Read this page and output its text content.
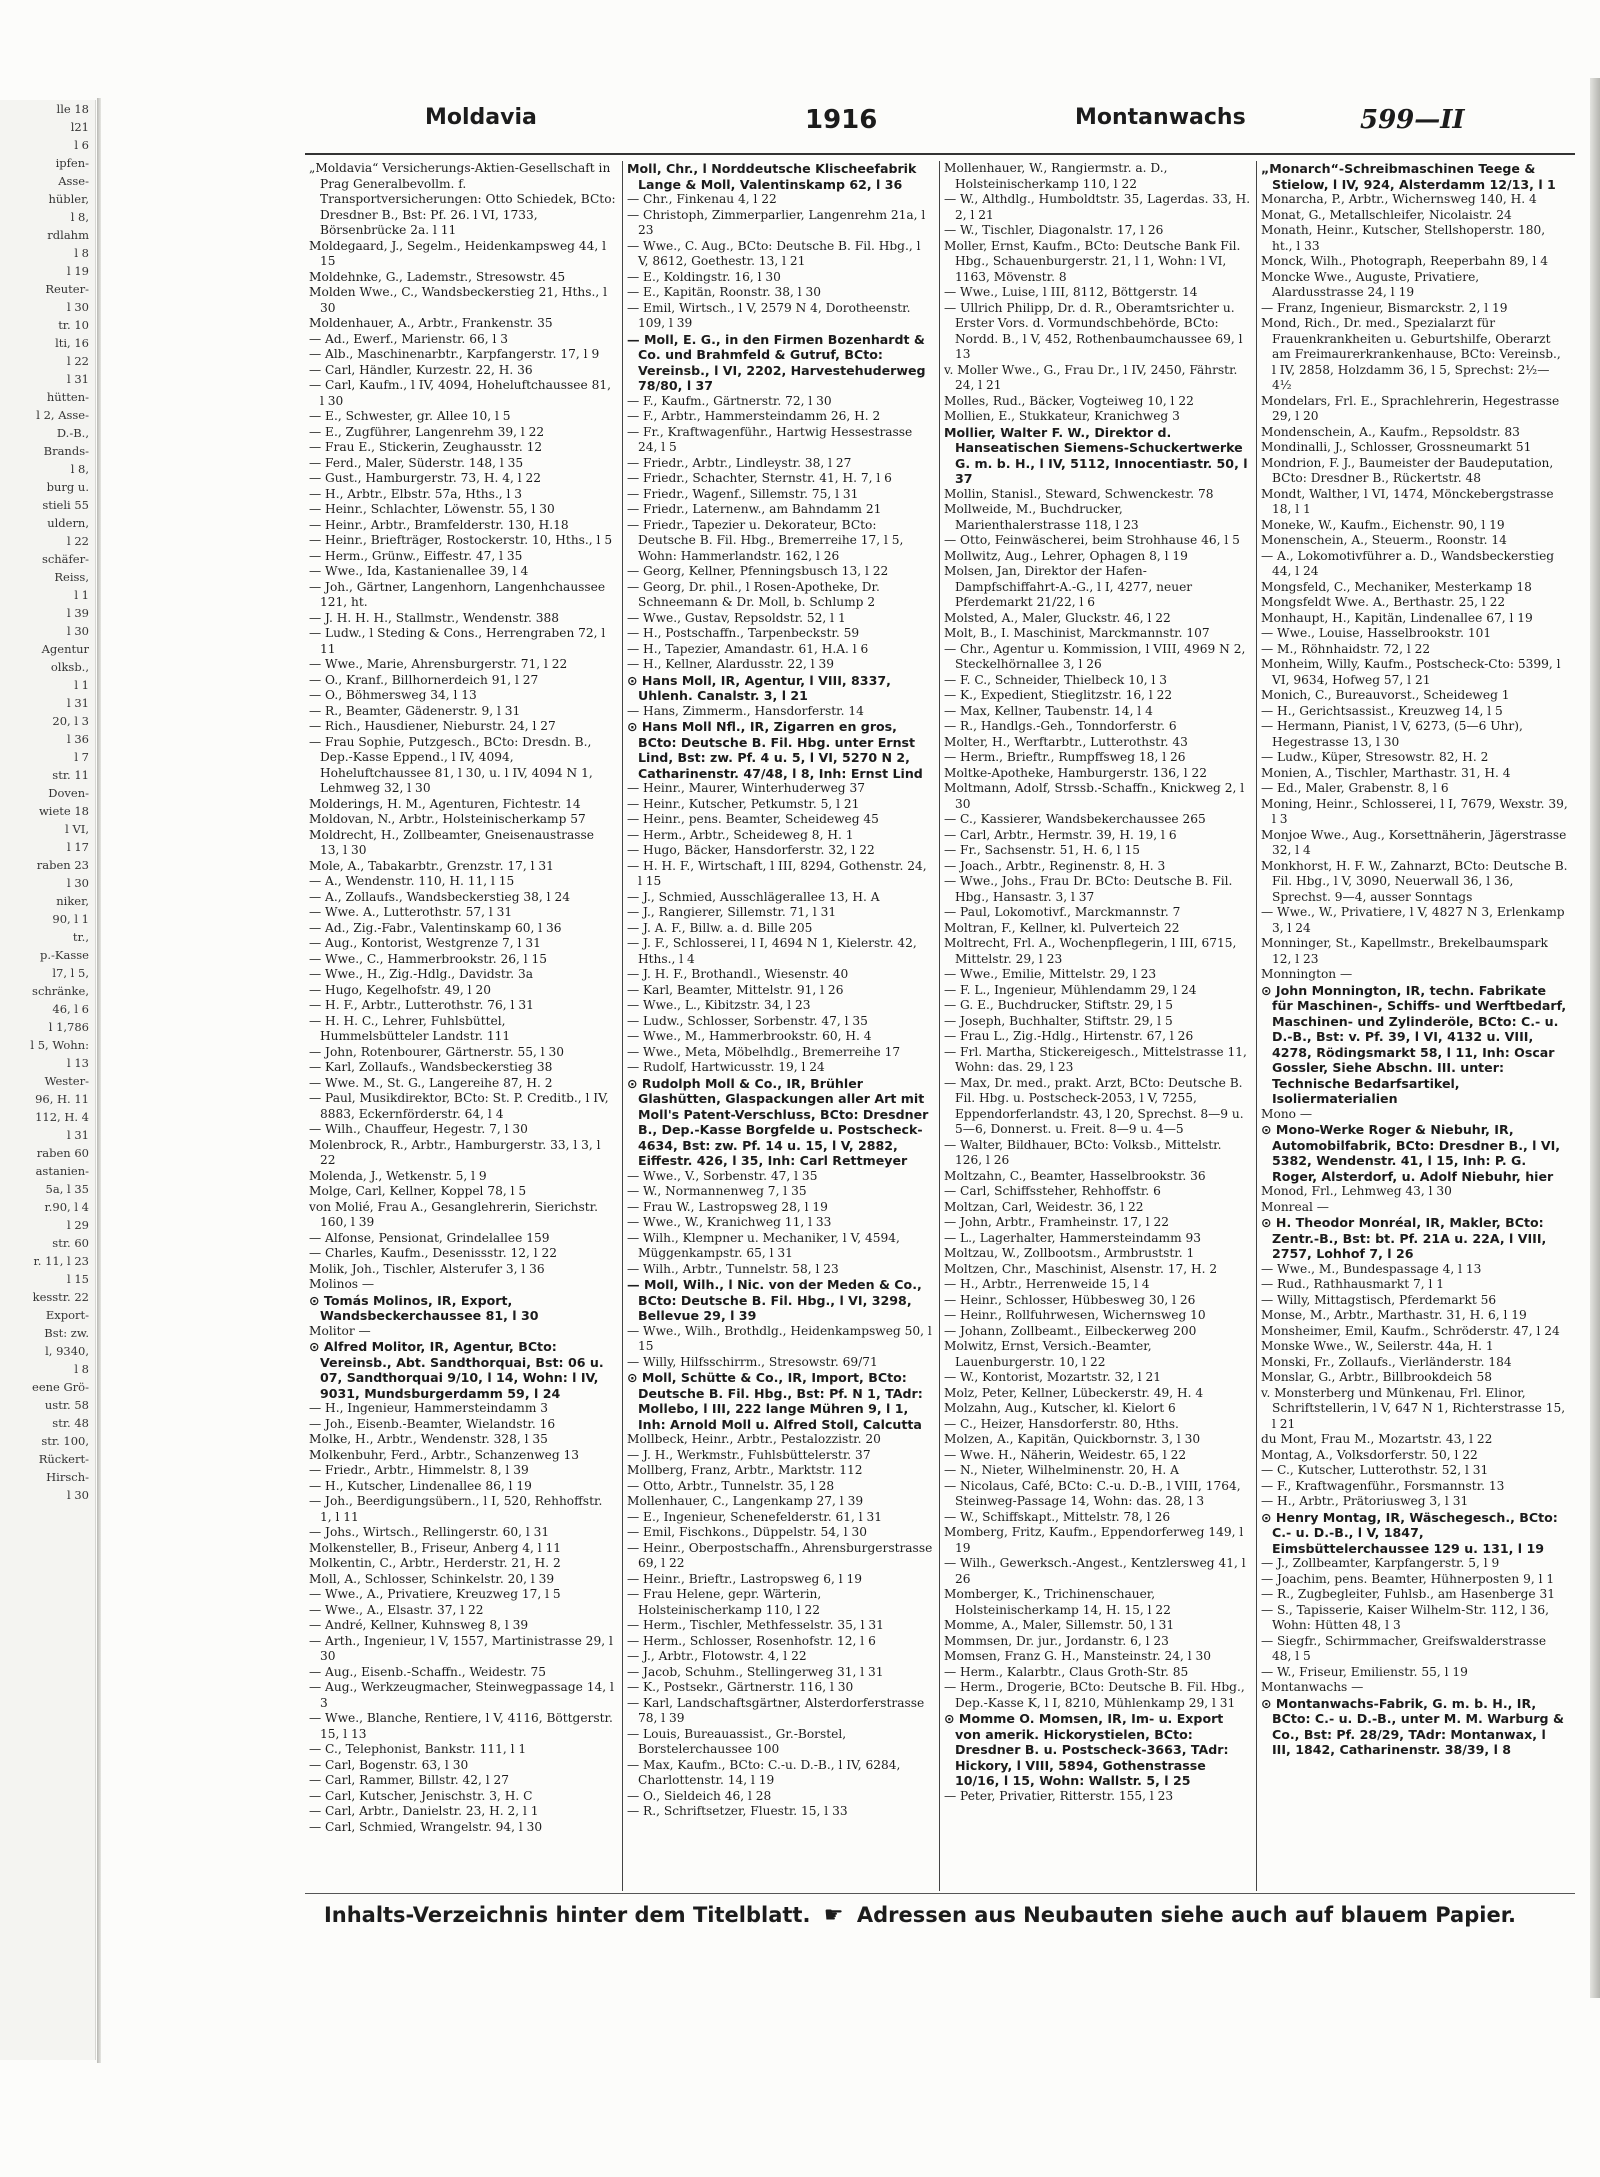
lle 18
l21
l 6
ipfen-
Asse-
hübler,
l 8,
rdlahm
l 8
l 19
Reuter-
l 30
tr. 10
lti, 16
l 22
l 31
hütten-
l 2, Asse-
D.-B.,
Brands-
l 8,
burg u.
stieli 55
uldern,
l 22
schäfer-
Reiss,
l 1
l 39
l 30
Agentur
olksb.,
l 1
l 31
20, l 3
l 36
l 7
str. 11
Doven-
wiete 18
l VI,
l 17
raben 23
l 30
niker,
90, l 1
tr.,
p.-Kasse
l7, l 5,
schränke,
46, l 6
l 1,786
l 5, Wohn:
l 13
Wester-
96, H. 11
112, H. 4
l 31
raben 60
astanien-
5a, l 35
r.90, l 4
l 29
str. 60
r. 11, l 23
l 15
kesstr. 22
Export-
Bst: zw.
l, 9340,
l 8
eene Grö-
ustr. 58
str. 48
str. 100,
Rückert-
Hirsch-
l 30
Moldavia	1916	Montanwachs	599—II

„Moldavia“ Versicherungs-Aktien-Gesellschaft in Prag Generalbevollm. f. Transportversicherungen: Otto Schiedek, BCto: Dresdner B., Bst: Pf. 26. l VI, 1733, Börsenbrücke 2a. l 11

Moldegaard, J., Segelm., Heidenkampsweg 44, l 15

Moldehnke, G., Lademstr., Stresowstr. 45

Molden Wwe., C., Wandsbeckerstieg 21, Hths., l 30

Moldenhauer, A., Arbtr., Frankenstr. 35

— Ad., Ewerf., Marienstr. 66, l 3

— Alb., Maschinenarbtr., Karpfangerstr. 17, l 9

— Carl, Händler, Kurzestr. 22, H. 36

— Carl, Kaufm., l IV, 4094, Hoheluftchaussee 81, l 30

— E., Schwester, gr. Allee 10, l 5

— E., Zugführer, Langenrehm 39, l 22

— Frau E., Stickerin, Zeughausstr. 12

— Ferd., Maler, Süderstr. 148, l 35

— Gust., Hamburgerstr. 73, H. 4, l 22

— H., Arbtr., Elbstr. 57a, Hths., l 3

— Heinr., Schlachter, Löwenstr. 55, l 30

— Heinr., Arbtr., Bramfelderstr. 130, H.18

— Heinr., Briefträger, Rostockerstr. 10, Hths., l 5

— Herm., Grünw., Eiffestr. 47, l 35

— Wwe., Ida, Kastanienallee 39, l 4

— Joh., Gärtner, Langenhorn, Langenhchaussee 121, ht.

— J. H. H. H., Stallmstr., Wendenstr. 388

— Ludw., l Steding & Cons., Herrengraben 72, l 11

— Wwe., Marie, Ahrensburgerstr. 71, l 22

— O., Kranf., Billhornerdeich 91, l 27

— O., Böhmersweg 34, l 13

— R., Beamter, Gädenerstr. 9, l 31

— Rich., Hausdiener, Nieburstr. 24, l 27

— Frau Sophie, Putzgesch., BCto: Dresdn. B., Dep.-Kasse Eppend., l IV, 4094, Hoheluftchaussee 81, l 30, u. l IV, 4094 N 1, Lehmweg 32, l 30

Molderings, H. M., Agenturen, Fichtestr. 14

Moldovan, N., Arbtr., Holsteinischerkamp 57

Moldrecht, H., Zollbeamter, Gneisenaustrasse 13, l 30

Mole, A., Tabakarbtr., Grenzstr. 17, l 31

— A., Wendenstr. 110, H. 11, l 15

— A., Zollaufs., Wandsbeckerstieg 38, l 24

— Wwe. A., Lutterothstr. 57, l 31

— Ad., Zig.-Fabr., Valentinskamp 60, l 36

— Aug., Kontorist, Westgrenze 7, l 31

— Wwe., C., Hammerbrookstr. 26, l 15

— Wwe., H., Zig.-Hdlg., Davidstr. 3a

— Hugo, Kegelhofstr. 49, l 20

— H. F., Arbtr., Lutterothstr. 76, l 31

— H. H. C., Lehrer, Fuhlsbüttel, Hummelsbütteler Landstr. 111

— John, Rotenbourer, Gärtnerstr. 55, l 30

— Karl, Zollaufs., Wandsbeckerstieg 38

— Wwe. M., St. G., Langereihe 87, H. 2

— Paul, Musikdirektor, BCto: St. P. Creditb., l IV, 8883, Eckernförderstr. 64, l 4

— Wilh., Chauffeur, Hegestr. 7, l 30

Molenbrock, R., Arbtr., Hamburgerstr. 33, l 3, l 22

Molenda, J., Wetkenstr. 5, l 9

Molge, Carl, Kellner, Koppel 78, l 5

von Molié, Frau A., Gesanglehrerin, Sierichstr. 160, l 39

— Alfonse, Pensionat, Grindelallee 159

— Charles, Kaufm., Desenissstr. 12, l 22

Molik, Joh., Tischler, Alsterufer 3, l 36

Molinos —

⊙ Tomás Molinos, IR, Export, Wandsbeckerchaussee 81, l 30

Molitor —

⊙ Alfred Molitor, IR, Agentur, BCto: Vereinsb., Abt. Sandthorquai, Bst: 06 u. 07, Sandthorquai 9/10, l 14, Wohn: l IV, 9031, Mundsburgerdamm 59, l 24

— H., Ingenieur, Hammersteindamm 3

— Joh., Eisenb.-Beamter, Wielandstr. 16

Molke, H., Arbtr., Wendenstr. 328, l 35

Molkenbuhr, Ferd., Arbtr., Schanzenweg 13

— Friedr., Arbtr., Himmelstr. 8, l 39

— H., Kutscher, Lindenallee 86, l 19

— Joh., Beerdigungsübern., l I, 520, Rehhoffstr. 1, l 11

— Johs., Wirtsch., Rellingerstr. 60, l 31

Molkensteller, B., Friseur, Anberg 4, l 11

Molkentin, C., Arbtr., Herderstr. 21, H. 2

Moll, A., Schlosser, Schinkelstr. 20, l 39

— Wwe., A., Privatiere, Kreuzweg 17, l 5

— Wwe., A., Elsastr. 37, l 22

— André, Kellner, Kuhnsweg 8, l 39

— Arth., Ingenieur, l V, 1557, Martinistrasse 29, l 30

— Aug., Eisenb.-Schaffn., Weidestr. 75

— Aug., Werkzeugmacher, Steinwegpassage 14, l 3

— Wwe., Blanche, Rentiere, l V, 4116, Böttgerstr. 15, l 13

— C., Telephonist, Bankstr. 111, l 1

— Carl, Bogenstr. 63, l 30

— Carl, Rammer, Billstr. 42, l 27

— Carl, Kutscher, Jenischstr. 3, H. C

— Carl, Arbtr., Danielstr. 23, H. 2, l 1

— Carl, Schmied, Wrangelstr. 94, l 30

Moll, Chr., l Norddeutsche Klischeefabrik Lange & Moll, Valentinskamp 62, l 36

— Chr., Finkenau 4, l 22

— Christoph, Zimmerparlier, Langenrehm 21a, l 23

— Wwe., C. Aug., BCto: Deutsche B. Fil. Hbg., l V, 8612, Goethestr. 13, l 21

— E., Koldingstr. 16, l 30

— E., Kapitän, Roonstr. 38, l 30

— Emil, Wirtsch., l V, 2579 N 4, Dorotheenstr. 109, l 39

— Moll, E. G., in den Firmen Bozenhardt & Co. und Brahmfeld & Gutruf, BCto: Vereinsb., l VI, 2202, Harvestehuderweg 78/80, l 37

— F., Kaufm., Gärtnerstr. 72, l 30

— F., Arbtr., Hammersteindamm 26, H. 2

— Fr., Kraftwagenführ., Hartwig Hessestrasse 24, l 5

— Friedr., Arbtr., Lindleystr. 38, l 27

— Friedr., Schachter, Sternstr. 41, H. 7, l 6

— Friedr., Wagenf., Sillemstr. 75, l 31

— Friedr., Laternenw., am Bahndamm 21

— Friedr., Tapezier u. Dekorateur, BCto: Deutsche B. Fil. Hbg., Bremerreihe 17, l 5, Wohn: Hammerlandstr. 162, l 26

— Georg, Kellner, Pfenningsbusch 13, l 22

— Georg, Dr. phil., l Rosen-Apotheke, Dr. Schneemann & Dr. Moll, b. Schlump 2

— Wwe., Gustav, Repsoldstr. 52, l 1

— H., Postschaffn., Tarpenbeckstr. 59

— H., Tapezier, Amandastr. 61, H.A. l 6

— H., Kellner, Alardusstr. 22, l 39

⊙ Hans Moll, IR, Agentur, l VIII, 8337, Uhlenh. Canalstr. 3, l 21

— Hans, Zimmerm., Hansdorferstr. 14

⊙ Hans Moll Nfl., IR, Zigarren en gros, BCto: Deutsche B. Fil. Hbg. unter Ernst Lind, Bst: zw. Pf. 4 u. 5, l VI, 5270 N 2, Catharinenstr. 47/48, l 8, Inh: Ernst Lind

— Heinr., Maurer, Winterhuderweg 37

— Heinr., Kutscher, Petkumstr. 5, l 21

— Heinr., pens. Beamter, Scheideweg 45

— Herm., Arbtr., Scheideweg 8, H. 1

— Hugo, Bäcker, Hansdorferstr. 32, l 22

— H. H. F., Wirtschaft, l III, 8294, Gothenstr. 24, l 15

— J., Schmied, Ausschlägerallee 13, H. A

— J., Rangierer, Sillemstr. 71, l 31

— J. A. F., Billw. a. d. Bille 205

— J. F., Schlosserei, l I, 4694 N 1, Kielerstr. 42, Hths., l 4

— J. H. F., Brothandl., Wiesenstr. 40

— Karl, Beamter, Mittelstr. 91, l 26

— Wwe., L., Kibitzstr. 34, l 23

— Ludw., Schlosser, Sorbenstr. 47, l 35

— Wwe., M., Hammerbrookstr. 60, H. 4

— Wwe., Meta, Möbelhdlg., Bremerreihe 17

— Rudolf, Hartwicusstr. 19, l 24

⊙ Rudolph Moll & Co., IR, Brühler Glashütten, Glaspackungen aller Art mit Moll's Patent-Verschluss, BCto: Dresdner B., Dep.-Kasse Borgfelde u. Postscheck-4634, Bst: zw. Pf. 14 u. 15, l V, 2882, Eiffestr. 426, l 35, Inh: Carl Rettmeyer

— Wwe., V., Sorbenstr. 47, l 35

— W., Normannenweg 7, l 35

— Frau W., Lastropsweg 28, l 19

— Wwe., W., Kranichweg 11, l 33

— Wilh., Klempner u. Mechaniker, l V, 4594, Müggenkampstr. 65, l 31

— Wilh., Arbtr., Tunnelstr. 58, l 23

— Moll, Wilh., l Nic. von der Meden & Co., BCto: Deutsche B. Fil. Hbg., l VI, 3298, Bellevue 29, l 39

— Wwe., Wilh., Brothdlg., Heidenkampsweg 50, l 15

— Willy, Hilfsschirrm., Stresowstr. 69/71

⊙ Moll, Schütte & Co., IR, Import, BCto: Deutsche B. Fil. Hbg., Bst: Pf. N 1, TAdr: Mollebo, l III, 222 lange Mühren 9, l 1, Inh: Arnold Moll u. Alfred Stoll, Calcutta

Mollbeck, Heinr., Arbtr., Pestalozzistr. 20

— J. H., Werkmstr., Fuhlsbüttelerstr. 37

Mollberg, Franz, Arbtr., Marktstr. 112

— Otto, Arbtr., Tunnelstr. 35, l 28

Mollenhauer, C., Langenkamp 27, l 39

— E., Ingenieur, Schenefelderstr. 61, l 31

— Emil, Fischkons., Düppelstr. 54, l 30

— Heinr., Oberpostschaffn., Ahrensburgerstrasse 69, l 22

— Heinr., Brieftr., Lastropsweg 6, l 19

— Frau Helene, gepr. Wärterin, Holsteinischerkamp 110, l 22

— Herm., Tischler, Methfesselstr. 35, l 31

— Herm., Schlosser, Rosenhofstr. 12, l 6

— J., Arbtr., Flotowstr. 4, l 22

— Jacob, Schuhm., Stellingerweg 31, l 31

— K., Postsekr., Gärtnerstr. 116, l 30

— Karl, Landschaftsgärtner, Alsterdorferstrasse 78, l 39

— Louis, Bureauassist., Gr.-Borstel, Borstelerchaussee 100

— Max, Kaufm., BCto: C.-u. D.-B., l IV, 6284, Charlottenstr. 14, l 19

— O., Sieldeich 46, l 28

— R., Schriftsetzer, Fluestr. 15, l 33

Mollenhauer, W., Rangiermstr. a. D., Holsteinischerkamp 110, l 22

— W., Althdlg., Humboldtstr. 35, Lagerdas. 33, H. 2, l 21

— W., Tischler, Diagonalstr. 17, l 26

Moller, Ernst, Kaufm., BCto: Deutsche Bank Fil. Hbg., Schauenburgerstr. 21, l 1, Wohn: l VI, 1163, Mövenstr. 8

— Wwe., Luise, l III, 8112, Böttgerstr. 14

— Ullrich Philipp, Dr. d. R., Oberamtsrichter u. Erster Vors. d. Vormundschbehörde, BCto: Nordd. B., l V, 452, Rothenbaumchaussee 69, l 13

v. Moller Wwe., G., Frau Dr., l IV, 2450, Fährstr. 24, l 21

Molles, Rud., Bäcker, Vogteiweg 10, l 22

Mollien, E., Stukkateur, Kranichweg 3

Mollier, Walter F. W., Direktor d. Hanseatischen Siemens-Schuckertwerke G. m. b. H., l IV, 5112, Innocentiastr. 50, l 37

Mollin, Stanisl., Steward, Schwenckestr. 78

Mollweide, M., Buchdrucker, Marienthalerstrasse 118, l 23

— Otto, Feinwäscherei, beim Strohhause 46, l 5

Mollwitz, Aug., Lehrer, Ophagen 8, l 19

Molsen, Jan, Direktor der Hafen-Dampfschiffahrt-A.-G., l I, 4277, neuer Pferdemarkt 21/22, l 6

Molsted, A., Maler, Gluckstr. 46, l 22

Molt, B., I. Maschinist, Marckmannstr. 107

— Chr., Agentur u. Kommission, l VIII, 4969 N 2, Steckelhörnallee 3, l 26

— F. C., Schneider, Thielbeck 10, l 3

— K., Expedient, Stieglitzstr. 16, l 22

— Max, Kellner, Taubenstr. 14, l 4

— R., Handlgs.-Geh., Tonndorferstr. 6

Molter, H., Werftarbtr., Lutterothstr. 43

— Herm., Brieftr., Rumpffsweg 18, l 26

Moltke-Apotheke, Hamburgerstr. 136, l 22

Moltmann, Adolf, Strssb.-Schaffn., Knickweg 2, l 30

— C., Kassierer, Wandsbekerchaussee 265

— Carl, Arbtr., Hermstr. 39, H. 19, l 6

— Fr., Sachsenstr. 51, H. 6, l 15

— Joach., Arbtr., Reginenstr. 8, H. 3

— Wwe., Johs., Frau Dr. BCto: Deutsche B. Fil. Hbg., Hansastr. 3, l 37

— Paul, Lokomotivf., Marckmannstr. 7

Moltran, F., Kellner, kl. Pulverteich 22

Moltrecht, Frl. A., Wochenpflegerin, l III, 6715, Mittelstr. 29, l 23

— Wwe., Emilie, Mittelstr. 29, l 23

— F. L., Ingenieur, Mühlendamm 29, l 24

— G. E., Buchdrucker, Stiftstr. 29, l 5

— Joseph, Buchhalter, Stiftstr. 29, l 5

— Frau L., Zig.-Hdlg., Hirtenstr. 67, l 26

— Frl. Martha, Stickereigesch., Mittelstrasse 11, Wohn: das. 29, l 23

— Max, Dr. med., prakt. Arzt, BCto: Deutsche B. Fil. Hbg. u. Postscheck-2053, l V, 7255, Eppendorferlandstr. 43, l 20, Sprechst. 8—9 u. 5—6, Donnerst. u. Freit. 8—9 u. 4—5

— Walter, Bildhauer, BCto: Volksb., Mittelstr. 126, l 26

Moltzahn, C., Beamter, Hasselbrookstr. 36

— Carl, Schiffssteher, Rehhoffstr. 6

Moltzan, Carl, Weidestr. 36, l 22

— John, Arbtr., Framheinstr. 17, l 22

— L., Lagerhalter, Hammersteindamm 93

Moltzau, W., Zollbootsm., Armbruststr. 1

Moltzen, Chr., Maschinist, Alsenstr. 17, H. 2

— H., Arbtr., Herrenweide 15, l 4

— Heinr., Schlosser, Hübbesweg 30, l 26

— Heinr., Rollfuhrwesen, Wichernsweg 10

— Johann, Zollbeamt., Eilbeckerweg 200

Molwitz, Ernst, Versich.-Beamter, Lauenburgerstr. 10, l 22

— W., Kontorist, Mozartstr. 32, l 21

Molz, Peter, Kellner, Lübeckerstr. 49, H. 4

Molzahn, Aug., Kutscher, kl. Kielort 6

— C., Heizer, Hansdorferstr. 80, Hths.

Molzen, A., Kapitän, Quickbornstr. 3, l 30

— Wwe. H., Näherin, Weidestr. 65, l 22

— N., Nieter, Wilhelminenstr. 20, H. A

— Nicolaus, Café, BCto: C.-u. D.-B., l VIII, 1764, Steinweg-Passage 14, Wohn: das. 28, l 3

— W., Schiffskapt., Mittelstr. 78, l 26

Momberg, Fritz, Kaufm., Eppendorferweg 149, l 19

— Wilh., Gewerksch.-Angest., Kentzlersweg 41, l 26

Momberger, K., Trichinenschauer, Holsteinischerkamp 14, H. 15, l 22

Momme, A., Maler, Sillemstr. 50, l 31

Mommsen, Dr. jur., Jordanstr. 6, l 23

Momsen, Franz G. H., Mansteinstr. 24, l 30

— Herm., Kalarbtr., Claus Groth-Str. 85

— Herm., Drogerie, BCto: Deutsche B. Fil. Hbg., Dep.-Kasse K, l I, 8210, Mühlenkamp 29, l 31

⊙ Momme O. Momsen, IR, Im- u. Export von amerik. Hickorystielen, BCto: Dresdner B. u. Postscheck-3663, TAdr: Hickory, l VIII, 5894, Gothenstrasse 10/16, l 15, Wohn: Wallstr. 5, l 25

— Peter, Privatier, Ritterstr. 155, l 23

„Monarch“-Schreibmaschinen Teege & Stielow, l IV, 924, Alsterdamm 12/13, l 1

Monarcha, P., Arbtr., Wichernsweg 140, H. 4

Monat, G., Metallschleifer, Nicolaistr. 24

Monath, Heinr., Kutscher, Stellshoperstr. 180, ht., l 33

Monck, Wilh., Photograph, Reeperbahn 89, l 4

Moncke Wwe., Auguste, Privatiere, Alardusstrasse 24, l 19

— Franz, Ingenieur, Bismarckstr. 2, l 19

Mond, Rich., Dr. med., Spezialarzt für Frauenkrankheiten u. Geburtshilfe, Oberarzt am Freimaurerkrankenhause, BCto: Vereinsb., l IV, 2858, Holzdamm 36, l 5, Sprechst: 2½—4½

Mondelars, Frl. E., Sprachlehrerin, Hegestrasse 29, l 20

Mondenschein, A., Kaufm., Repsoldstr. 83

Mondinalli, J., Schlosser, Grossneumarkt 51

Mondrion, F. J., Baumeister der Baudeputation, BCto: Dresdner B., Rückertstr. 48

Mondt, Walther, l VI, 1474, Mönckebergstrasse 18, l 1

Moneke, W., Kaufm., Eichenstr. 90, l 19

Monenschein, A., Steuerm., Roonstr. 14

— A., Lokomotivführer a. D., Wandsbeckerstieg 44, l 24

Mongsfeld, C., Mechaniker, Mesterkamp 18

Mongsfeldt Wwe. A., Berthastr. 25, l 22

Monhaupt, H., Kapitän, Lindenallee 67, l 19

— Wwe., Louise, Hasselbrookstr. 101

— M., Röhnhaidstr. 72, l 22

Monheim, Willy, Kaufm., Postscheck-Cto: 5399, l VI, 9634, Hofweg 57, l 21

Monich, C., Bureauvorst., Scheideweg 1

— H., Gerichtsassist., Kreuzweg 14, l 5

— Hermann, Pianist, l V, 6273, (5—6 Uhr), Hegestrasse 13, l 30

— Ludw., Küper, Stresowstr. 82, H. 2

Monien, A., Tischler, Marthastr. 31, H. 4

— Ed., Maler, Grabenstr. 8, l 6

Moning, Heinr., Schlosserei, l I, 7679, Wexstr. 39, l 3

Monjoe Wwe., Aug., Korsettnäherin, Jägerstrasse 32, l 4

Monkhorst, H. F. W., Zahnarzt, BCto: Deutsche B. Fil. Hbg., l V, 3090, Neuerwall 36, l 36, Sprechst. 9—4, ausser Sonntags

— Wwe., W., Privatiere, l V, 4827 N 3, Erlenkamp 3, l 24

Monninger, St., Kapellmstr., Brekelbaumspark 12, l 23

Monnington —

⊙ John Monnington, IR, techn. Fabrikate für Maschinen-, Schiffs- und Werftbedarf, Maschinen- und Zylinderöle, BCto: C.- u. D.-B., Bst: v. Pf. 39, l VI, 4132 u. VIII, 4278, Rödingsmarkt 58, l 11, Inh: Oscar Gossler, Siehe Abschn. III. unter: Technische Bedarfsartikel, Isoliermaterialien

Mono —

⊙ Mono-Werke Roger & Niebuhr, IR, Automobilfabrik, BCto: Dresdner B., l VI, 5382, Wendenstr. 41, l 15, Inh: P. G. Roger, Alsterdorf, u. Adolf Niebuhr, hier

Monod, Frl., Lehmweg 43, l 30

Monreal —

⊙ H. Theodor Monréal, IR, Makler, BCto: Zentr.-B., Bst: bt. Pf. 21A u. 22A, l VIII, 2757, Lohhof 7, l 26

— Wwe., M., Bundespassage 4, l 13

— Rud., Rathhausmarkt 7, l 1

— Willy, Mittagstisch, Pferdemarkt 56

Monse, M., Arbtr., Marthastr. 31, H. 6, l 19

Monsheimer, Emil, Kaufm., Schröderstr. 47, l 24

Monske Wwe., W., Seilerstr. 44a, H. 1

Monski, Fr., Zollaufs., Vierländerstr. 184

Monslar, G., Arbtr., Billbrookdeich 58

v. Monsterberg und Münkenau, Frl. Elinor, Schriftstellerin, l V, 647 N 1, Richterstrasse 15, l 21

du Mont, Frau M., Mozartstr. 43, l 22

Montag, A., Volksdorferstr. 50, l 22

— C., Kutscher, Lutterothstr. 52, l 31

— F., Kraftwagenführ., Forsmannstr. 13

— H., Arbtr., Prätoriusweg 3, l 31

⊙ Henry Montag, IR, Wäschegesch., BCto: C.- u. D.-B., l V, 1847, Eimsbüttelerchaussee 129 u. 131, l 19

— J., Zollbeamter, Karpfangerstr. 5, l 9

— Joachim, pens. Beamter, Hühnerposten 9, l 1

— R., Zugbegleiter, Fuhlsb., am Hasenberge 31

— S., Tapisserie, Kaiser Wilhelm-Str. 112, l 36, Wohn: Hütten 48, l 3

— Siegfr., Schirmmacher, Greifswalderstrasse 48, l 5

— W., Friseur, Emilienstr. 55, l 19

Montanwachs —

⊙ Montanwachs-Fabrik, G. m. b. H., IR, BCto: C.- u. D.-B., unter M. M. Warburg & Co., Bst: Pf. 28/29, TAdr: Montanwax, l III, 1842, Catharinenstr. 38/39, l 8

Inhalts-Verzeichnis hinter dem Titelblatt. ☛ Adressen aus Neubauten siehe auch auf blauem Papier.
